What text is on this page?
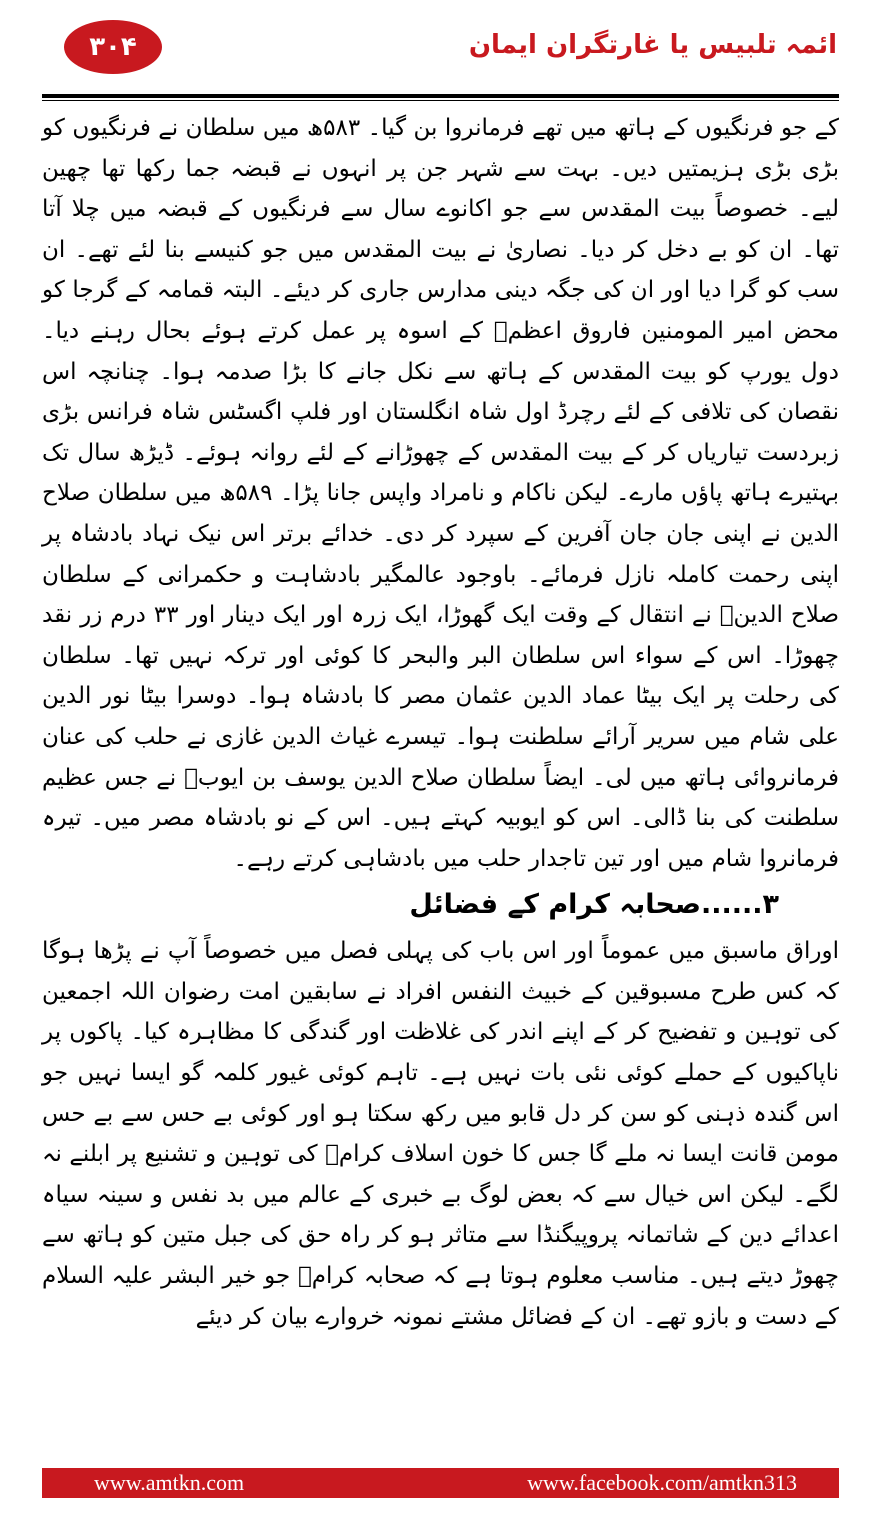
۳۰۴	ائمہ تلبیس یا غارتگران ایمان

کے جو فرنگیوں کے ہاتھ میں تھے فرمانروا بن گیا۔ ۵۸۳ھ میں سلطان نے فرنگیوں کو بڑی بڑی ہزیمتیں دیں۔ بہت سے شہر جن پر انہوں نے قبضہ جما رکھا تھا چھین لیے۔ خصوصاً بیت المقدس سے جو اکانوے سال سے فرنگیوں کے قبضہ میں چلا آتا تھا۔ ان کو بے دخل کر دیا۔ نصاریٰ نے بیت المقدس میں جو کنیسے بنا لئے تھے۔ ان سب کو گرا دیا اور ان کی جگہ دینی مدارس جاری کر دیئے۔ البتہ قمامہ کے گرجا کو محض امیر المومنین فاروق اعظمؓ کے اسوہ پر عمل کرتے ہوئے بحال رہنے دیا۔ دول یورپ کو بیت المقدس کے ہاتھ سے نکل جانے کا بڑا صدمہ ہوا۔ چنانچہ اس نقصان کی تلافی کے لئے رچرڈ اول شاہ انگلستان اور فلپ اگسٹس شاہ فرانس بڑی زبردست تیاریاں کر کے بیت المقدس کے چھوڑانے کے لئے روانہ ہوئے۔ ڈیڑھ سال تک بہتیرے ہاتھ پاؤں مارے۔ لیکن ناکام و نامراد واپس جانا پڑا۔ ۵۸۹ھ میں سلطان صلاح الدین نے اپنی جان جان آفرین کے سپرد کر دی۔ خدائے برتر اس نیک نہاد بادشاہ پر اپنی رحمت کاملہ نازل فرمائے۔ باوجود عالمگیر بادشاہت و حکمرانی کے سلطان صلاح الدینؒ نے انتقال کے وقت ایک گھوڑا، ایک زرہ اور ایک دینار اور ۳۳ درم زر نقد چھوڑا۔ اس کے سواء اس سلطان البر والبحر کا کوئی اور ترکہ نہیں تھا۔ سلطان کی رحلت پر ایک بیٹا عماد الدین عثمان مصر کا بادشاہ ہوا۔ دوسرا بیٹا نور الدین علی شام میں سریر آرائے سلطنت ہوا۔ تیسرے غیاث الدین غازی نے حلب کی عنان فرمانروائی ہاتھ میں لی۔ ایضاً سلطان صلاح الدین یوسف بن ایوبؒ نے جس عظیم سلطنت کی بنا ڈالی۔ اس کو ایوبیہ کہتے ہیں۔ اس کے نو بادشاہ مصر میں۔ تیرہ فرمانروا شام میں اور تین تاجدار حلب میں بادشاہی کرتے رہے۔

۳......صحابہ کرام کے فضائل

اوراق ماسبق میں عموماً اور اس باب کی پہلی فصل میں خصوصاً آپ نے پڑھا ہوگا کہ کس طرح مسبوقین کے خبیث النفس افراد نے سابقین امت رضوان اللہ اجمعین کی توہین و تفضیح کر کے اپنے اندر کی غلاظت اور گندگی کا مظاہرہ کیا۔ پاکوں پر ناپاکیوں کے حملے کوئی نئی بات نہیں ہے۔ تاہم کوئی غیور کلمہ گو ایسا نہیں جو اس گندہ ذہنی کو سن کر دل قابو میں رکھ سکتا ہو اور کوئی بے حس سے بے حس مومن قانت ایسا نہ ملے گا جس کا خون اسلاف کرامؒ کی توہین و تشنیع پر ابلنے نہ لگے۔ لیکن اس خیال سے کہ بعض لوگ بے خبری کے عالم میں بد نفس و سینہ سیاہ اعدائے دین کے شاتمانہ پروپیگنڈا سے متاثر ہو کر راہ حق کی جبل متین کو ہاتھ سے چھوڑ دیتے ہیں۔ مناسب معلوم ہوتا ہے کہ صحابہ کرامؓ جو خیر البشر علیہ السلام کے دست و بازو تھے۔ ان کے فضائل مشتے نمونہ خروارے بیان کر دیئے

www.amtkn.com	www.facebook.com/amtkn313
